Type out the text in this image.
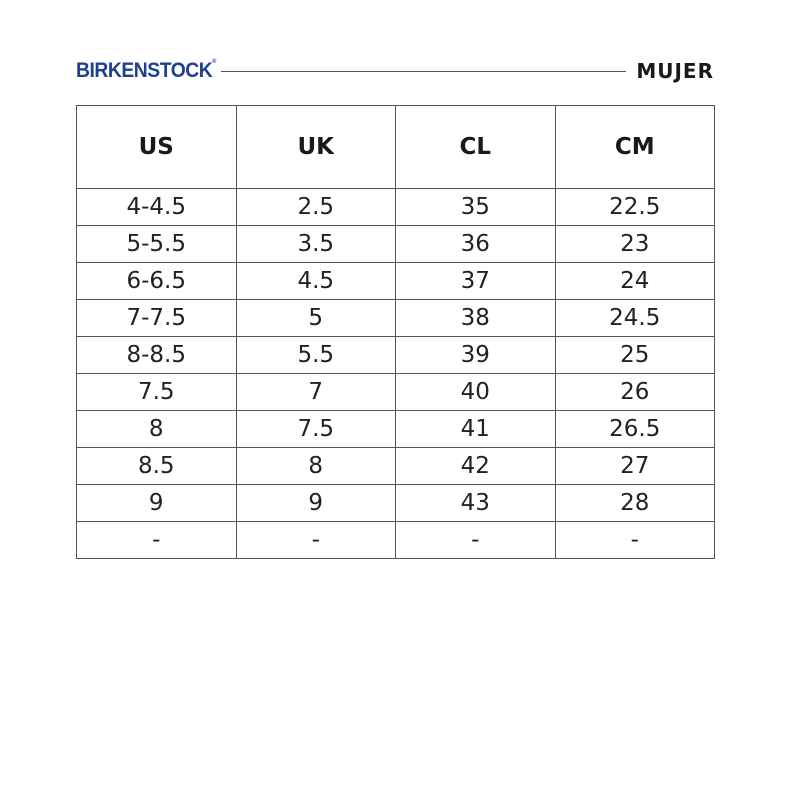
BIRKENSTOCK®	MUJER
US	UK	CL	CM
4-4.5	2.5	35	22.5
5-5.5	3.5	36	23
6-6.5	4.5	37	24
7-7.5	5	38	24.5
8-8.5	5.5	39	25
7.5	7	40	26
8	7.5	41	26.5
8.5	8	42	27
9	9	43	28
-	-	-	-
